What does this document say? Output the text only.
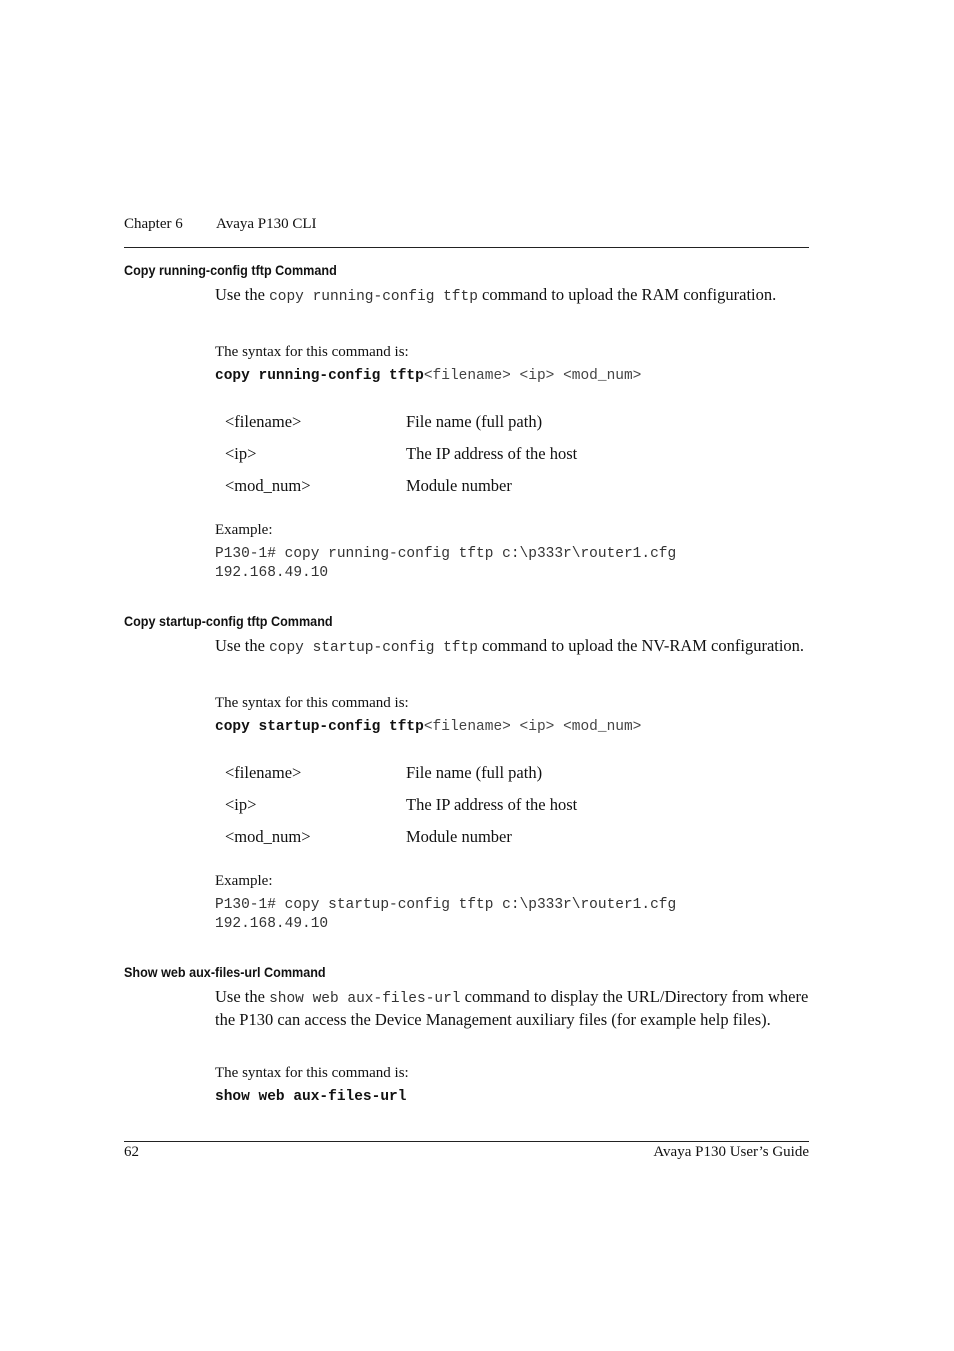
Chapter 6 Avaya P130 CLI
Copy running-config tftp Command
Use the copy running-config tftp command to upload the RAM configuration.
The syntax for this command is:
copy running-config tftp<filename> <ip> <mod_num>
<filename>	File name (full path)
<ip>	The IP address of the host
<mod_num>	Module number
Example:
P130-1# copy running-config tftp c:\p333r\router1.cfg
192.168.49.10
Copy startup-config tftp Command
Use the copy startup-config tftp command to upload the NV-RAM configuration.
The syntax for this command is:
copy startup-config tftp<filename> <ip> <mod_num>
<filename>	File name (full path)
<ip>	The IP address of the host
<mod_num>	Module number
Example:
P130-1# copy startup-config tftp c:\p333r\router1.cfg
192.168.49.10
Show web aux-files-url Command
Use the show web aux-files-url command to display the URL/Directory from where the P130 can access the Device Management auxiliary files (for example help files).
The syntax for this command is:
show web aux-files-url
62	Avaya P130 User’s Guide
